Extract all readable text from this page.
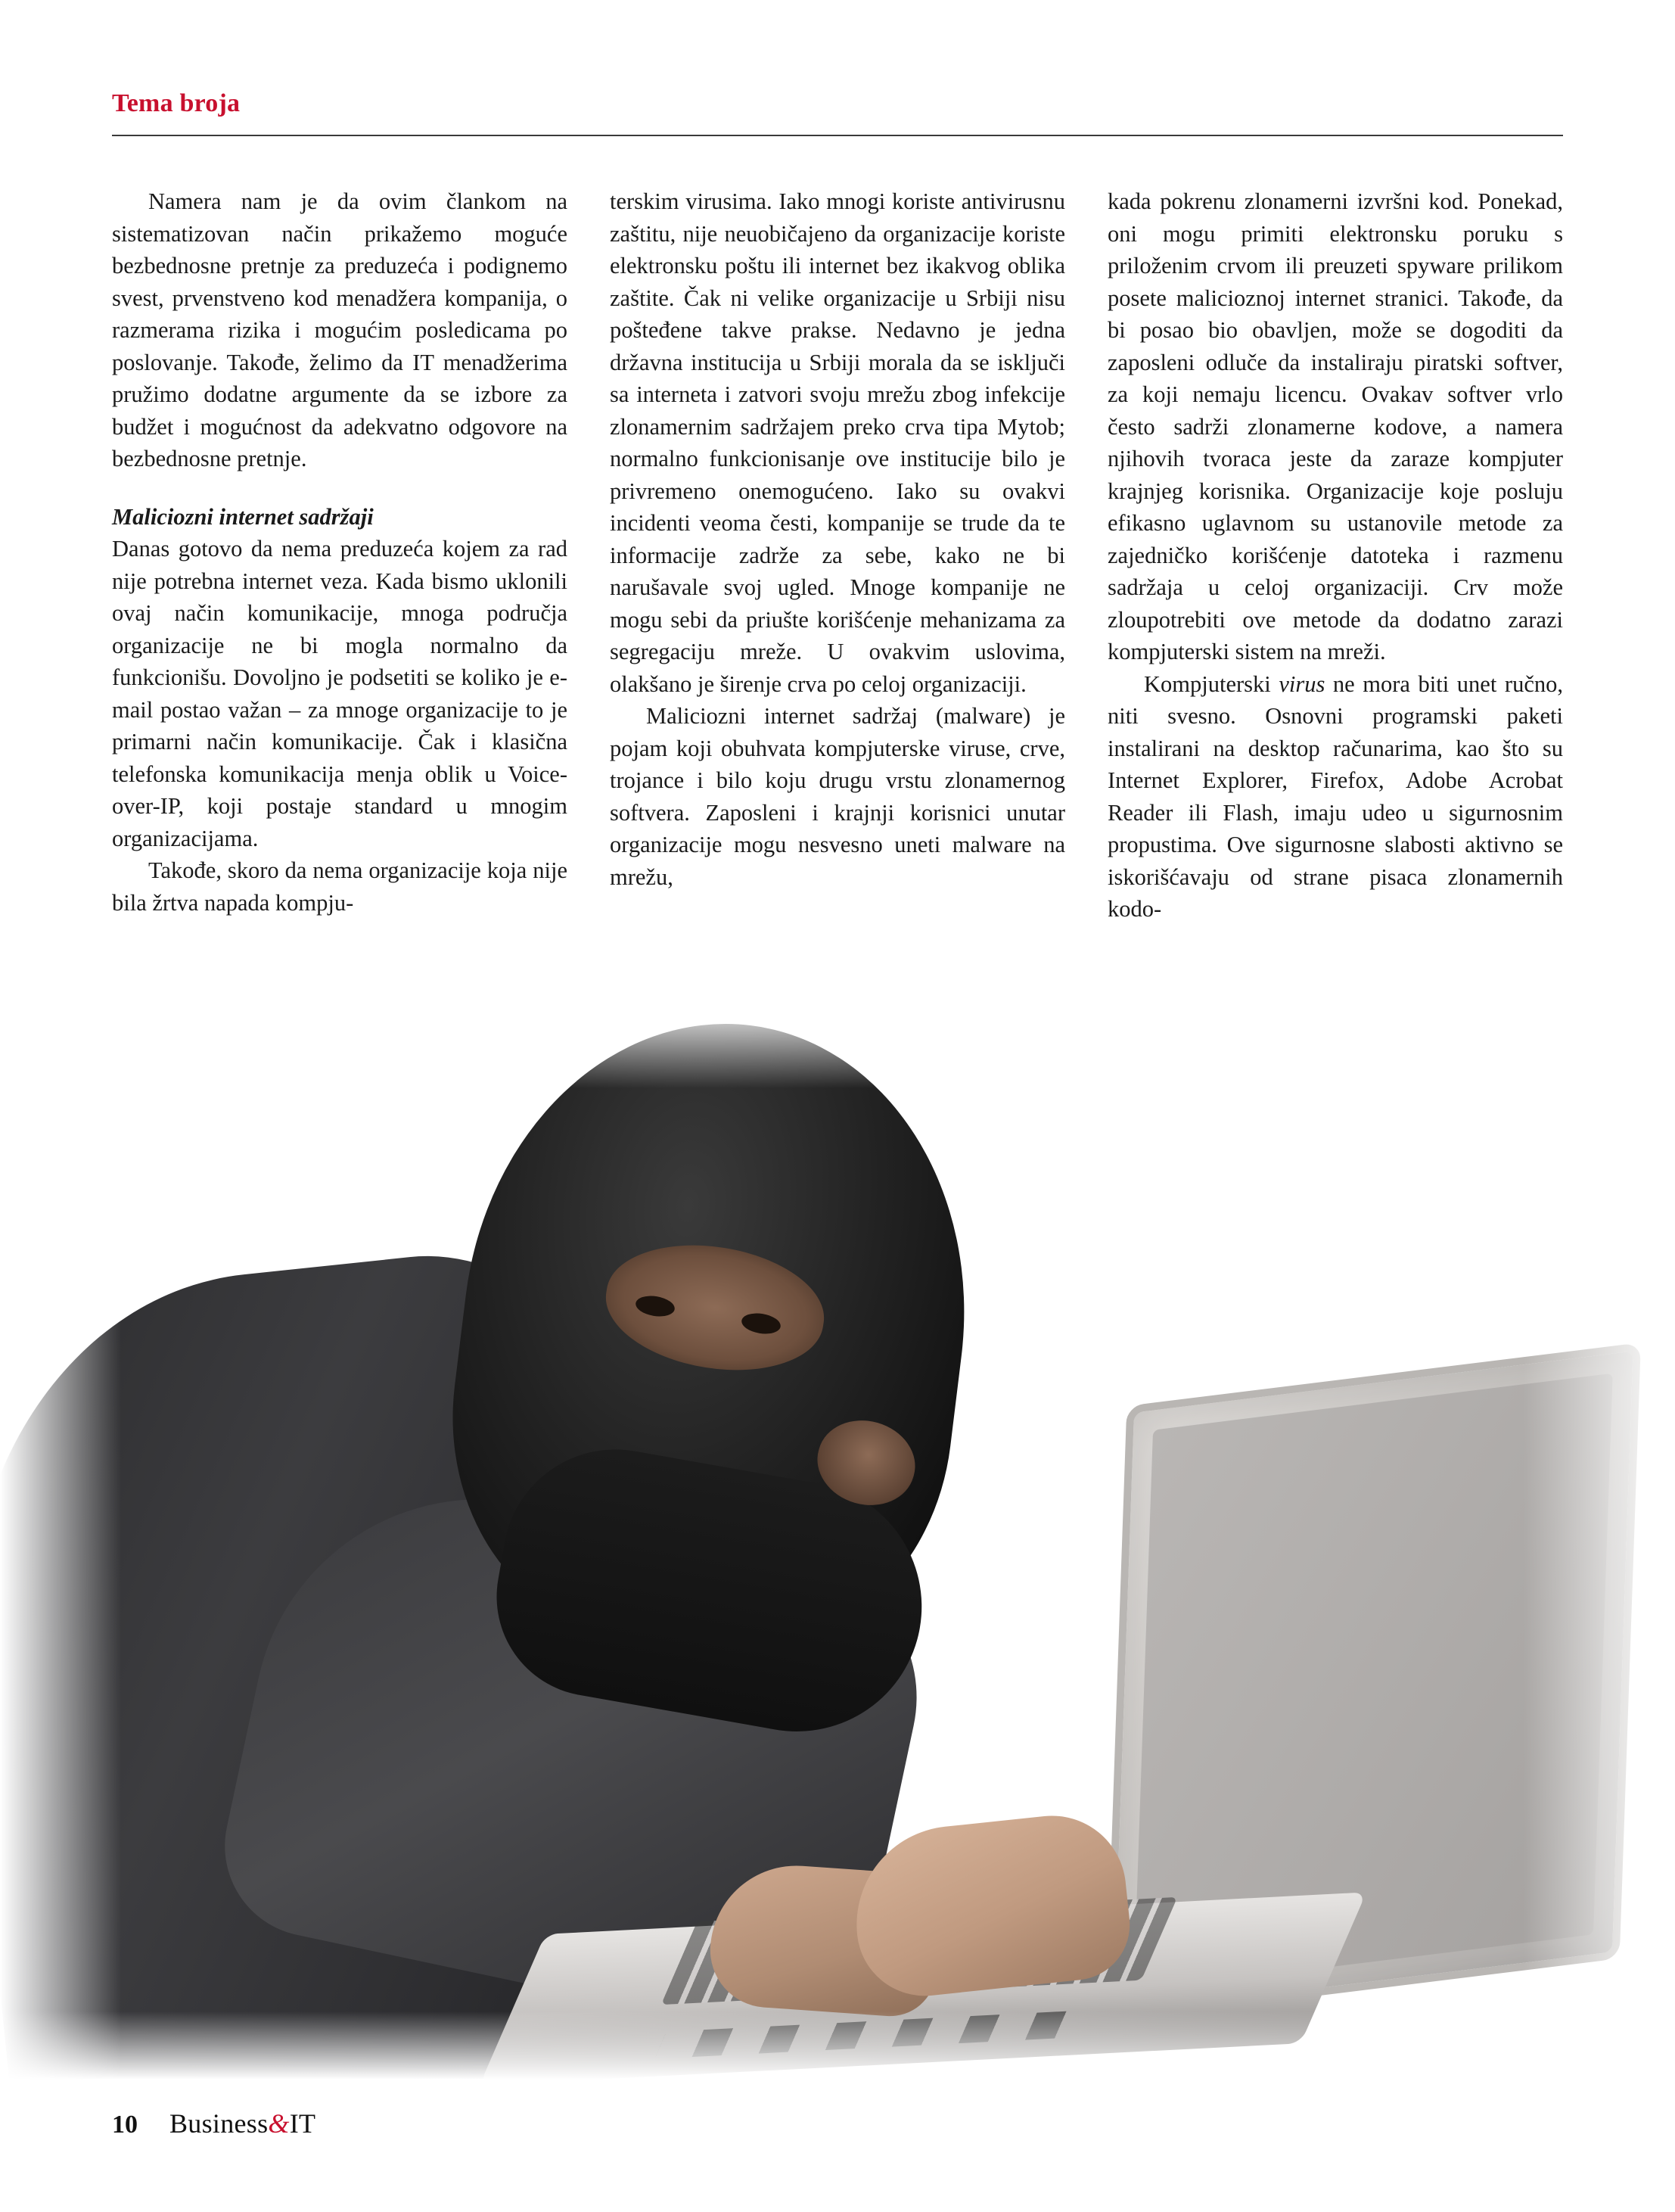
Tema broja

Namera nam je da ovim člankom na sistematizovan način prikažemo moguće bezbednosne pretnje za preduzeća i podignemo svest, prvenstveno kod menadžera kompanija, o razmerama rizika i mogućim posledicama po poslovanje. Takođe, želimo da IT menadžerima pružimo dodatne argumente da se izbore za budžet i mogućnost da adekvatno odgovore na bezbednosne pretnje.

Maliciozni internet sadržaji

Danas gotovo da nema preduzeća kojem za rad nije potrebna internet veza. Kada bismo uklonili ovaj način komunikacije, mnoga područja organizacije ne bi mogla normalno da funkcionišu. Dovoljno je podsetiti se koliko je e-mail postao važan – za mnoge organizacije to je primarni način komunikacije. Čak i klasična telefonska komunikacija menja oblik u Voice-over-IP, koji postaje standard u mnogim organizacijama.

Takođe, skoro da nema organizacije koja nije bila žrtva napada kompju-

terskim virusima. Iako mnogi koriste antivirusnu zaštitu, nije neuobičajeno da organizacije koriste elektronsku poštu ili internet bez ikakvog oblika zaštite. Čak ni velike organizacije u Srbiji nisu pošteđene takve prakse. Nedavno je jedna državna institucija u Srbiji morala da se isključi sa interneta i zatvori svoju mrežu zbog infekcije zlonamernim sadržajem preko crva tipa Mytob; normalno funkcionisanje ove institucije bilo je privremeno onemogućeno. Iako su ovakvi incidenti veoma česti, kompanije se trude da te informacije zadrže za sebe, kako ne bi narušavale svoj ugled. Mnoge kompanije ne mogu sebi da priušte korišćenje mehanizama za segregaciju mreže. U ovakvim uslovima, olakšano je širenje crva po celoj organizaciji.

Maliciozni internet sadržaj (malware) je pojam koji obuhvata kompjuterske viruse, crve, trojance i bilo koju drugu vrstu zlonamernog softvera. Zaposleni i krajnji korisnici unutar organizacije mogu nesvesno uneti malware na mrežu,

kada pokrenu zlonamerni izvršni kod. Ponekad, oni mogu primiti elektronsku poruku s priloženim crvom ili preuzeti spyware prilikom posete malicioznoj internet stranici. Takođe, da bi posao bio obavljen, može se dogoditi da zaposleni odluče da instaliraju piratski softver, za koji nemaju licencu. Ovakav softver vrlo često sadrži zlonamerne kodove, a namera njihovih tvoraca jeste da zaraze kompjuter krajnjeg korisnika. Organizacije koje posluju efikasno uglavnom su ustanovile metode za zajedničko korišćenje datoteka i razmenu sadržaja u celoj organizaciji. Crv može zloupotrebiti ove metode da dodatno zarazi kompjuterski sistem na mreži.

Kompjuterski virus ne mora biti unet ručno, niti svesno. Osnovni programski paketi instalirani na desktop računarima, kao što su Internet Explorer, Firefox, Adobe Acrobat Reader ili Flash, imaju udeo u sigurnosnim propustima. Ove sigurnosne slabosti aktivno se iskorišćavaju od strane pisaca zlonamernih kodo-

10 Business&IT
